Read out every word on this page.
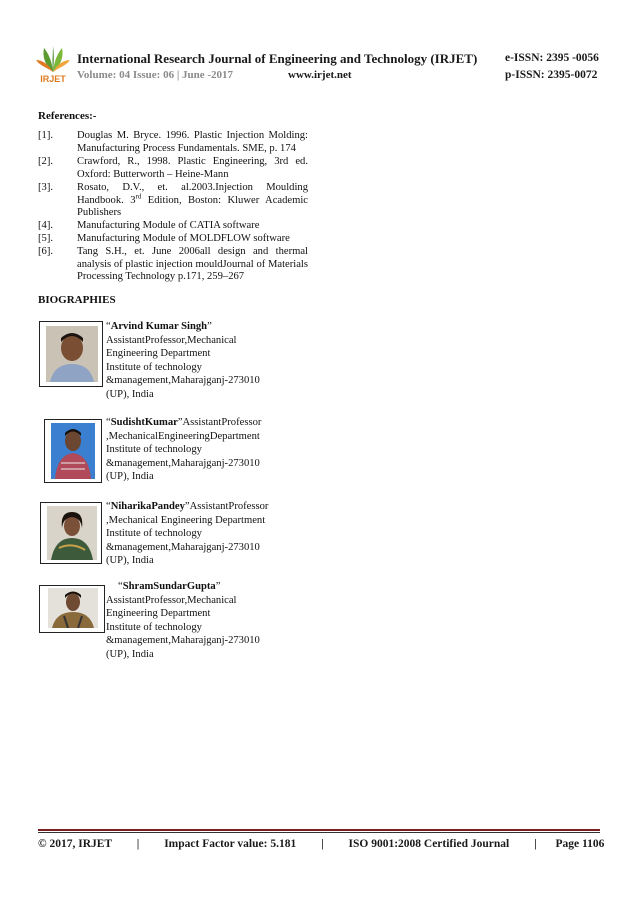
IRJET
International Research Journal of Engineering and Technology (IRJET) e-ISSN: 2395 -0056
Volume: 04 Issue: 06 | June -2017	www.irjet.net	p-ISSN: 2395-0072
References:-
[1]. Douglas M. Bryce. 1996. Plastic Injection Molding: Manufacturing Process Fundamentals. SME, p. 174
[2]. Crawford, R., 1998. Plastic Engineering, 3rd ed. Oxford: Butterworth – Heine-Mann
[3]. Rosato, D.V., et. al.2003.Injection Moulding Handbook. 3rd Edition, Boston: Kluwer Academic Publishers
[4]. Manufacturing Module of CATIA software
[5]. Manufacturing Module of MOLDFLOW software
[6]. Tang S.H., et. June 2006all design and thermal analysis of plastic injection mouldJournal of Materials Processing Technology p.171, 259–267
BIOGRAPHIES
“Arvind Kumar Singh”
AssistantProfessor,Mechanical
Engineering Department
Institute of technology
&management,Maharajganj-273010
(UP), India
“SudishtKumar”AssistantProfessor
,MechanicalEngineeringDepartment
Institute of technology
&management,Maharajganj-273010
(UP), India
“NiharikaPandey”AssistantProfessor
,Mechanical Engineering Department
Institute of technology
&management,Maharajganj-273010
(UP), India
“ShramSundarGupta”
AssistantProfessor,Mechanical
Engineering Department
Institute of technology
&management,Maharajganj-273010
(UP), India
© 2017, IRJET | Impact Factor value: 5.181 | ISO 9001:2008 Certified Journal | Page 1106
